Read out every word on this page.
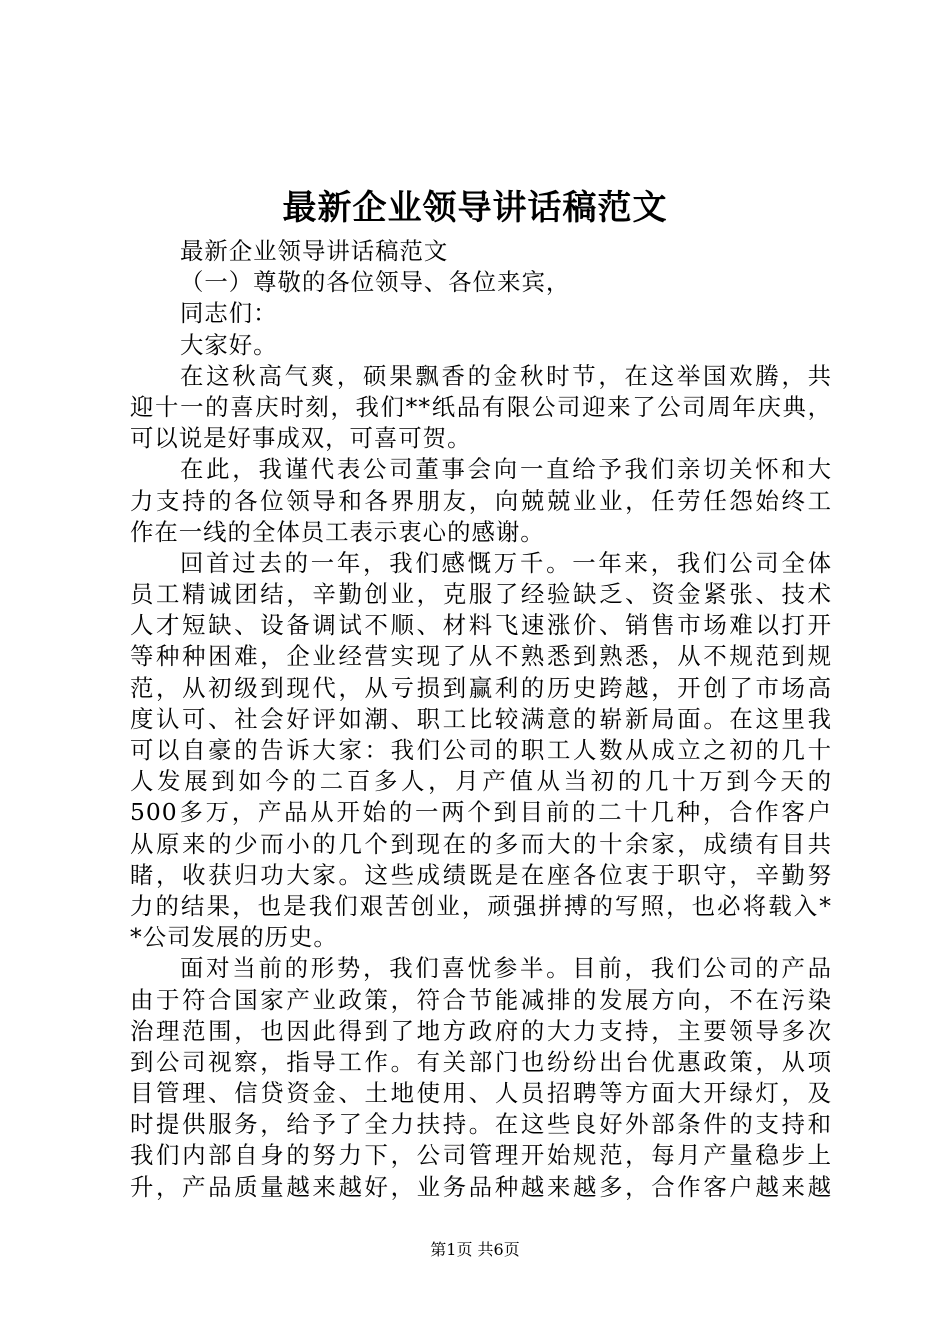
最新企业领导讲话稿范文
最新企业领导讲话稿范文
（一）尊敬的各位领导、各位来宾，
同志们：
大家好。
在这秋高气爽，硕果飘香的金秋时节，在这举国欢腾，共
迎十一的喜庆时刻，我们**纸品有限公司迎来了公司周年庆典，
可以说是好事成双，可喜可贺。
在此，我谨代表公司董事会向一直给予我们亲切关怀和大
力支持的各位领导和各界朋友，向兢兢业业，任劳任怨始终工
作在一线的全体员工表示衷心的感谢。
回首过去的一年，我们感慨万千。一年来，我们公司全体
员工精诚团结，辛勤创业，克服了经验缺乏、资金紧张、技术
人才短缺、设备调试不顺、材料飞速涨价、销售市场难以打开
等种种困难，企业经营实现了从不熟悉到熟悉，从不规范到规
范，从初级到现代，从亏损到赢利的历史跨越，开创了市场高
度认可、社会好评如潮、职工比较满意的崭新局面。在这里我
可以自豪的告诉大家：我们公司的职工人数从成立之初的几十
人发展到如今的二百多人，月产值从当初的几十万到今天的
500多万，产品从开始的一两个到目前的二十几种，合作客户
从原来的少而小的几个到现在的多而大的十余家，成绩有目共
睹，收获归功大家。这些成绩既是在座各位衷于职守，辛勤努
力的结果，也是我们艰苦创业，顽强拼搏的写照，也必将载入*
*公司发展的历史。
面对当前的形势，我们喜忧参半。目前，我们公司的产品
由于符合国家产业政策，符合节能减排的发展方向，不在污染
治理范围，也因此得到了地方政府的大力支持，主要领导多次
到公司视察，指导工作。有关部门也纷纷出台优惠政策，从项
目管理、信贷资金、土地使用、人员招聘等方面大开绿灯，及
时提供服务，给予了全力扶持。在这些良好外部条件的支持和
我们内部自身的努力下，公司管理开始规范，每月产量稳步上
升，产品质量越来越好，业务品种越来越多，合作客户越来越
第1页 共6页
